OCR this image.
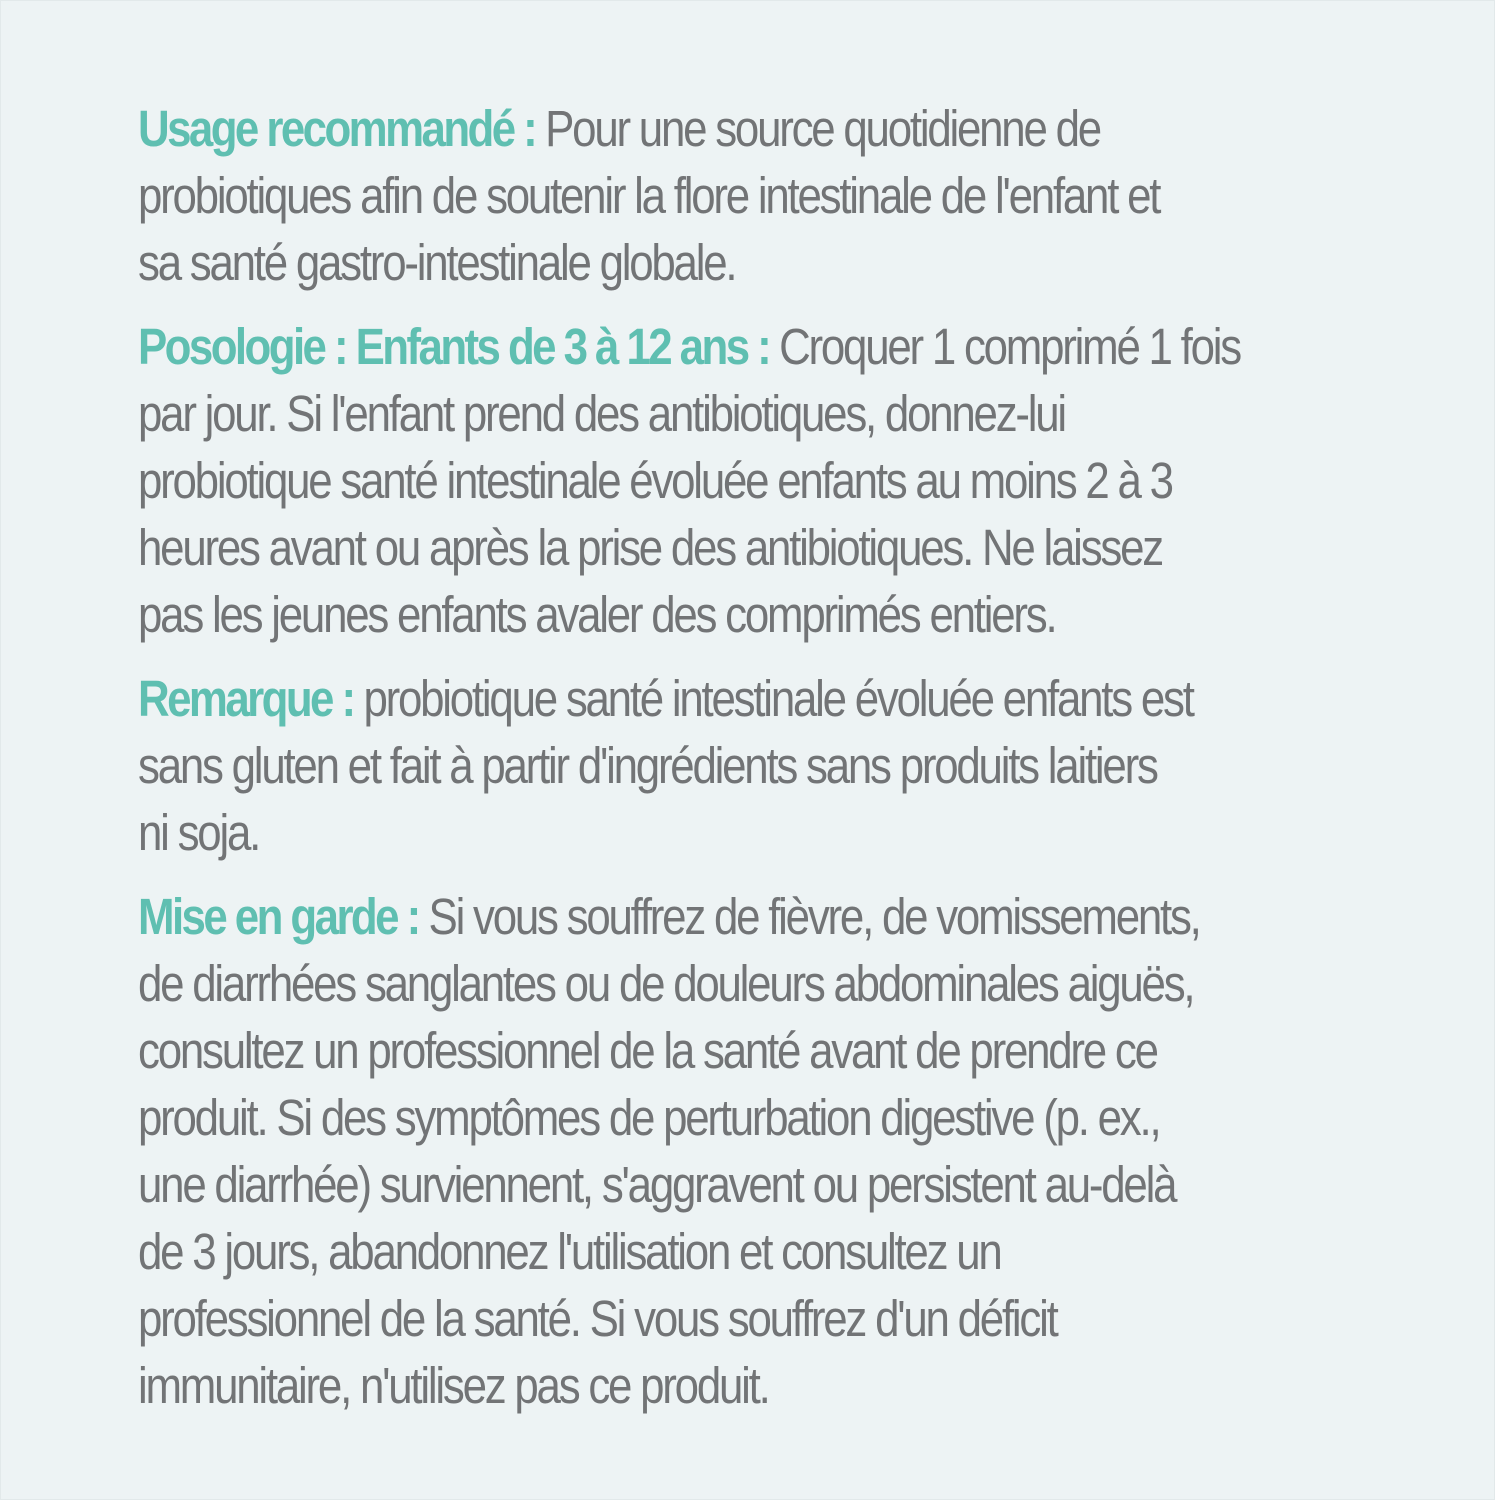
Usage recommandé : Pour une source quotidienne de
probiotiques afin de soutenir la flore intestinale de l'enfant et
sa santé gastro-intestinale globale.

Posologie : Enfants de 3 à 12 ans : Croquer 1 comprimé 1 fois
par jour. Si l'enfant prend des antibiotiques, donnez-lui
probiotique santé intestinale évoluée enfants au moins 2 à 3
heures avant ou après la prise des antibiotiques. Ne laissez
pas les jeunes enfants avaler des comprimés entiers.

Remarque : probiotique santé intestinale évoluée enfants est
sans gluten et fait à partir d'ingrédients sans produits laitiers
ni soja.

Mise en garde : Si vous souffrez de fièvre, de vomissements,
de diarrhées sanglantes ou de douleurs abdominales aiguës,
consultez un professionnel de la santé avant de prendre ce
produit. Si des symptômes de perturbation digestive (p. ex.,
une diarrhée) surviennent, s'aggravent ou persistent au-delà
de 3 jours, abandonnez l'utilisation et consultez un
professionnel de la santé. Si vous souffrez d'un déficit
immunitaire, n'utilisez pas ce produit.
